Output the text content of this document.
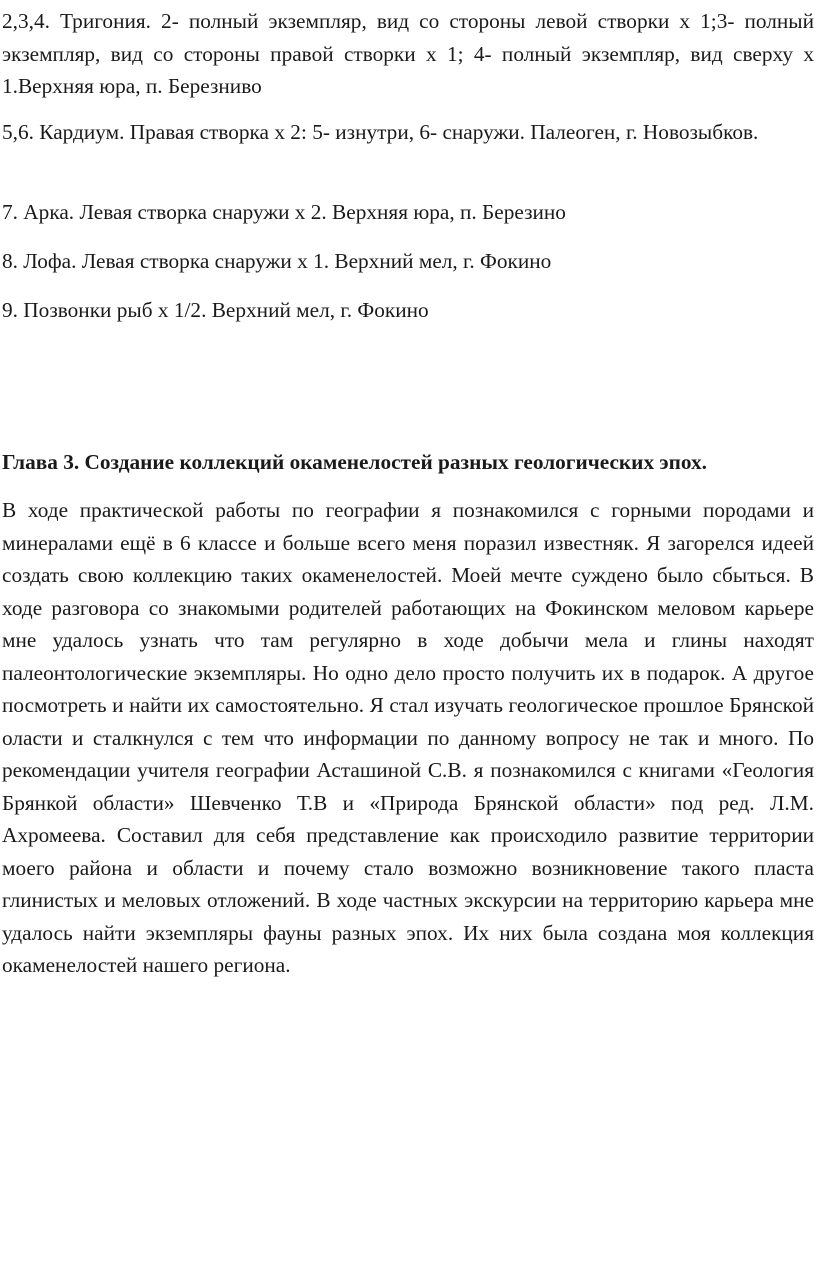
2,3,4. Тригония. 2- полный экземпляр, вид со стороны левой створки х 1;3- полный экземпляр, вид со стороны правой створки х 1; 4- полный экземпляр, вид сверху х 1.Верхняя юра, п. Березниво

5,6. Кардиум. Правая створка х 2: 5- изнутри, 6- снаружи. Палеоген, г. Новозыбков.

7. Арка. Левая створка снаружи х 2. Верхняя юра, п. Березино

8. Лофа. Левая створка снаружи х 1. Верхний мел, г. Фокино

9. Позвонки рыб х 1/2. Верхний мел, г. Фокино

Глава 3. Создание коллекций окаменелостей разных геологических эпох.

В ходе практической работы по географии я познакомился с горными породами и минералами ещё в 6 классе и больше всего меня поразил известняк. Я загорелся идеей создать свою коллекцию таких окаменелостей. Моей мечте суждено было сбыться. В ходе разговора со знакомыми родителей работающих на Фокинском меловом карьере мне удалось узнать что там регулярно в ходе добычи мела и глины находят палеонтологические экземпляры. Но одно дело просто получить их в подарок. А другое посмотреть и найти их самостоятельно. Я стал изучать геологическое прошлое Брянской оласти и сталкнулся с тем что информации по данному вопросу не так и много. По рекомендации учителя географии Асташиной С.В. я познакомился с книгами «Геология Брянкой области» Шевченко Т.В и «Природа Брянской области» под ред. Л.М. Ахромеева. Составил для себя представление как происходило развитие территории моего района и области и почему стало возможно возникновение такого пласта глинистых и меловых отложений. В ходе частных экскурсии на территорию карьера мне удалось найти экземпляры фауны разных эпох. Их них была создана моя коллекция окаменелостей нашего региона.
